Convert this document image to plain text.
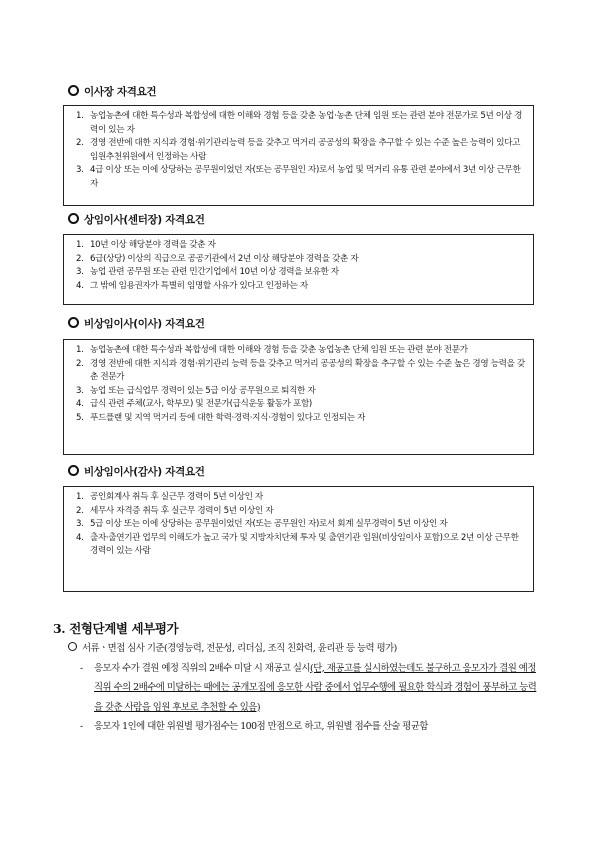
이사장 자격요건
1. 농업농촌에 대한 특수성과 복합성에 대한 이해와 경험 등을 갖춘 농업·농촌 단체 임원 또는 관련 분야 전문가로 5년 이상 경력이 있는 자
2. 경영 전반에 대한 지식과 경험·위기관리능력 등을 갖추고 먹거리 공공성의 확장을 추구할 수 있는 수준 높은 능력이 있다고 임원추천위원에서 인정하는 사람
3. 4급 이상 또는 이에 상당하는 공무원이었던 자(또는 공무원인 자)로서 농업 및 먹거리 유통 관련 분야에서 3년 이상 근무한 자
상임이사(센터장) 자격요건
1. 10년 이상 해당분야 경력을 갖춘 자
2. 6급(상당) 이상의 직급으로 공공기관에서 2년 이상 해당분야 경력을 갖춘 자
3. 농업 관련 공무원 또는 관련 민간기업에서 10년 이상 경력을 보유한 자
4. 그 밖에 임용권자가 특별히 임명할 사유가 있다고 인정하는 자
비상임이사(이사) 자격요건
1. 농업농촌에 대한 특수성과 복합성에 대한 이해와 경험 등을 갖춘 농업농촌 단체 임원 또는 관련 분야 전문가
2. 경영 전반에 대한 지식과 경험·위기관리 능력 등을 갖추고 먹거리 공공성의 확장을 추구할 수 있는 수준 높은 경영 능력을 갖춘 전문가
3. 농업 또는 급식업무 경력이 있는 5급 이상 공무원으로 퇴직한 자
4. 급식 관련 주체(교사, 학부모) 및 전문가(급식운동 활동가 포함)
5. 푸드플랜 및 지역 먹거리 등에 대한 학력·경력·지식·경험이 있다고 인정되는 자
비상임이사(감사) 자격요건
1. 공인회계사 취득 후 실근무 경력이 5년 이상인 자
2. 세무사 자격증 취득 후 실근무 경력이 5년 이상인 자
3. 5급 이상 또는 이에 상당하는 공무원이었던 자(또는 공무원인 자)로서 회계 실무경력이 5년 이상인 자
4. 출자·출연기관 업무의 이해도가 높고 국가 및 지방자치단체 투자 및 출연기관 임원(비상임이사 포함)으로 2년 이상 근무한 경력이 있는 사람
3. 전형단계별 세부평가
서류ㆍ면접 심사 기준(경영능력, 전문성, 리더십, 조직 친화력, 윤리관 등 능력 평가)
- 응모자 수가 결원 예정 직위의 2배수 미달 시 재공고 실시(단, 재공고를 실시하였는데도 불구하고 응모자가 결원 예정 직위 수의 2배수에 미달하는 때에는 공개모집에 응모한 사람 중에서 업무수행에 필요한 학식과 경험이 풍부하고 능력을 갖춘 사람을 임원 후보로 추천할 수 있음)
- 응모자 1인에 대한 위원별 평가점수는 100점 만점으로 하고, 위원별 점수를 산술 평균함
